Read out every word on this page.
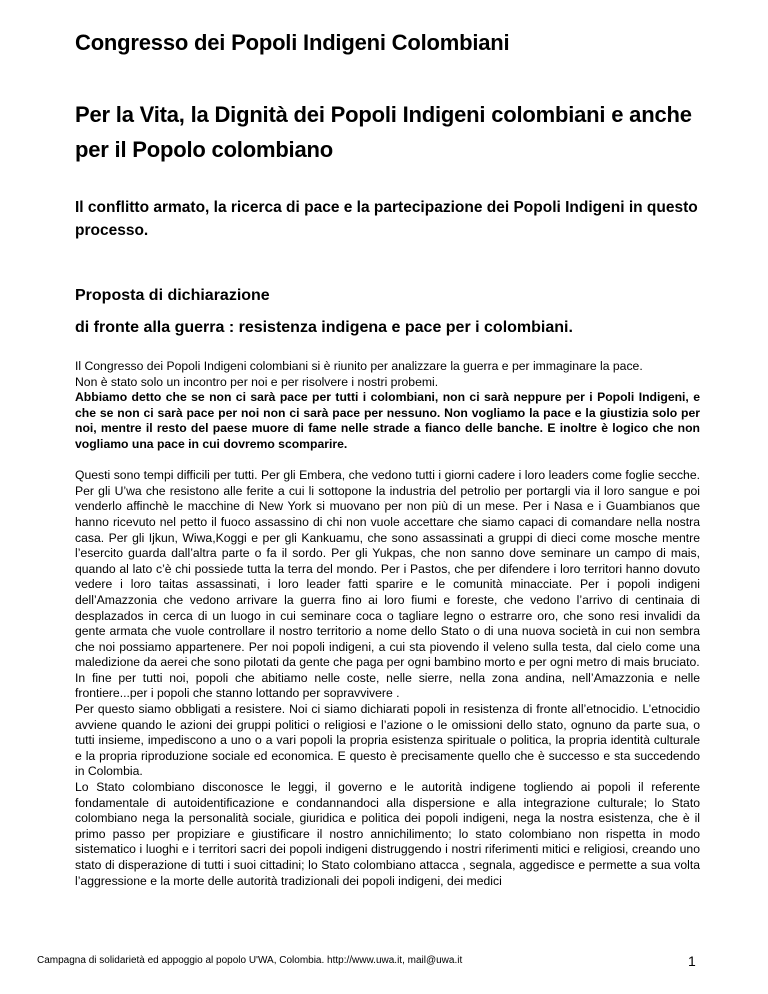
Congresso dei Popoli Indigeni Colombiani
Per la Vita, la Dignità dei Popoli Indigeni colombiani e anche per il Popolo colombiano
Il conflitto armato, la ricerca di pace e la partecipazione dei Popoli Indigeni in questo processo.
Proposta di dichiarazione
di fronte alla guerra : resistenza indigena e pace per i colombiani.

Il Congresso dei Popoli Indigeni colombiani si è riunito per analizzare la guerra e per immaginare la pace.

Non è stato solo un incontro per noi e per risolvere i nostri probemi.

Abbiamo detto che se non ci sarà pace per tutti i colombiani, non ci sarà neppure per i Popoli Indigeni, e che se non ci sarà pace per noi non ci sarà pace per nessuno. Non vogliamo la pace e la giustizia solo per noi, mentre il resto del paese muore di fame nelle strade a fianco delle banche. E inoltre è logico che non vogliamo una pace in cui dovremo scomparire.

Questi sono tempi difficili per tutti. Per gli Embera, che vedono tutti i giorni cadere i loro leaders come foglie secche. Per gli U’wa che resistono alle ferite a cui li sottopone la industria del petrolio per portargli via il loro sangue e poi venderlo affinchè le macchine di New York si muovano per non più di un mese. Per i Nasa e i Guambianos que hanno ricevuto nel petto il fuoco assassino di chi non vuole accettare che siamo capaci di comandare nella nostra casa. Per gli Ijkun, Wiwa,Koggi e per gli Kankuamu, che sono assassinati a gruppi di dieci come mosche mentre l’esercito guarda dall’altra parte o fa il sordo. Per gli Yukpas, che non sanno dove seminare un campo di mais, quando al lato c’è chi possiede tutta la terra del mondo. Per i Pastos, che per difendere i loro territori hanno dovuto vedere i loro taitas assassinati, i loro leader fatti sparire e le comunità minacciate. Per i popoli indigeni dell’Amazzonia che vedono arrivare la guerra fino ai loro fiumi e foreste, che vedono l’arrivo di centinaia di desplazados in cerca di un luogo in cui seminare coca o tagliare legno o estrarre oro, che sono resi invalidi da gente armata che vuole controllare il nostro territorio a nome dello Stato o di una nuova società in cui non sembra che noi possiamo appartenere. Per noi popoli indigeni, a cui sta piovendo il veleno sulla testa, dal cielo come una maledizione da aerei che sono pilotati da gente che paga per ogni bambino morto e per ogni metro di mais bruciato.

In fine per tutti noi, popoli che abitiamo nelle coste, nelle sierre, nella zona andina, nell’Amazzonia e nelle frontiere...per i popoli che stanno lottando per sopravvivere .

Per questo siamo obbligati a resistere. Noi ci siamo dichiarati popoli in resistenza di fronte all’etnocidio. L’etnocidio avviene quando le azioni dei gruppi politici o religiosi e l’azione o le omissioni dello stato, ognuno da parte sua, o tutti insieme, impediscono a uno o a vari popoli la propria esistenza spirituale o politica, la propria identità culturale e la propria riproduzione sociale ed economica. E questo è precisamente quello che è successo e sta succedendo in Colombia.

Lo Stato colombiano disconosce le leggi, il governo e le autorità indigene togliendo ai popoli il referente fondamentale di autoidentificazione e condannandoci alla dispersione e alla integrazione culturale; lo Stato colombiano nega la personalità sociale, giuridica e politica dei popoli indigeni, nega la nostra esistenza, che è il primo passo per propiziare e giustificare il nostro annichilimento; lo stato colombiano non rispetta in modo sistematico i luoghi e i territori sacri dei popoli indigeni distruggendo i nostri riferimenti mitici e religiosi, creando uno stato di disperazione di tutti i suoi cittadini; lo Stato colombiano attacca , segnala, aggedisce e permette a sua volta l’aggressione e la morte delle autorità tradizionali dei popoli indigeni, dei medici

Campagna di solidarietà ed appoggio al popolo U'WA, Colombia. http://www.uwa.it, mail@uwa.it	1
